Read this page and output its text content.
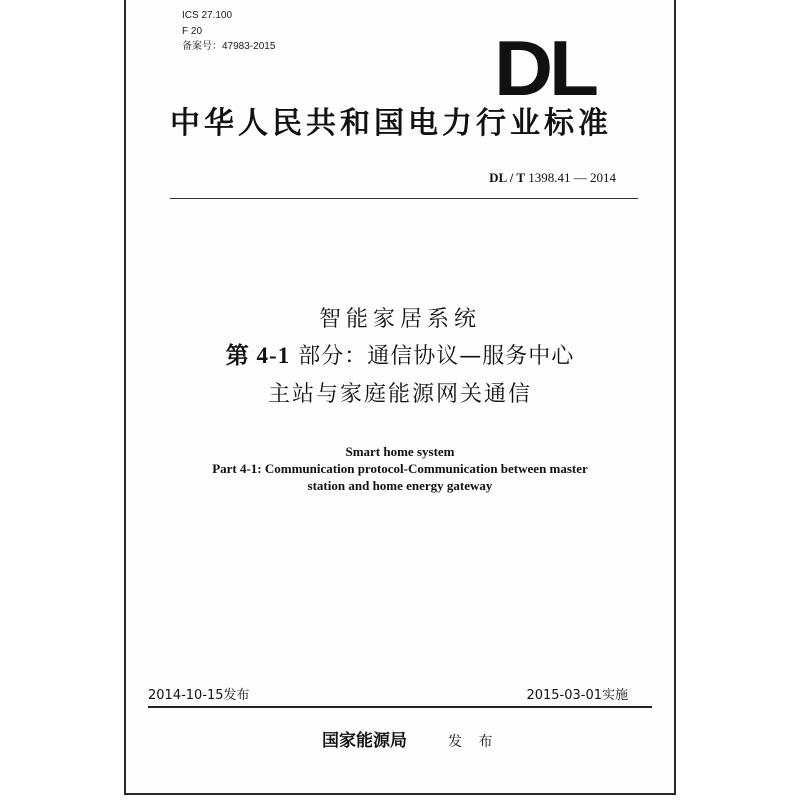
ICS 27.100
F 20
备案号：47983-2015	DL
中华人民共和国电力行业标准
DL / T 1398.41 — 2014
智能家居系统
第 4-1 部分：通信协议—服务中心
主站与家庭能源网关通信
Smart home system
Part 4-1: Communication protocol-Communication between master
station and home energy gateway
2014-10-15发布	2015-03-01实施
国家能源局	发 布
